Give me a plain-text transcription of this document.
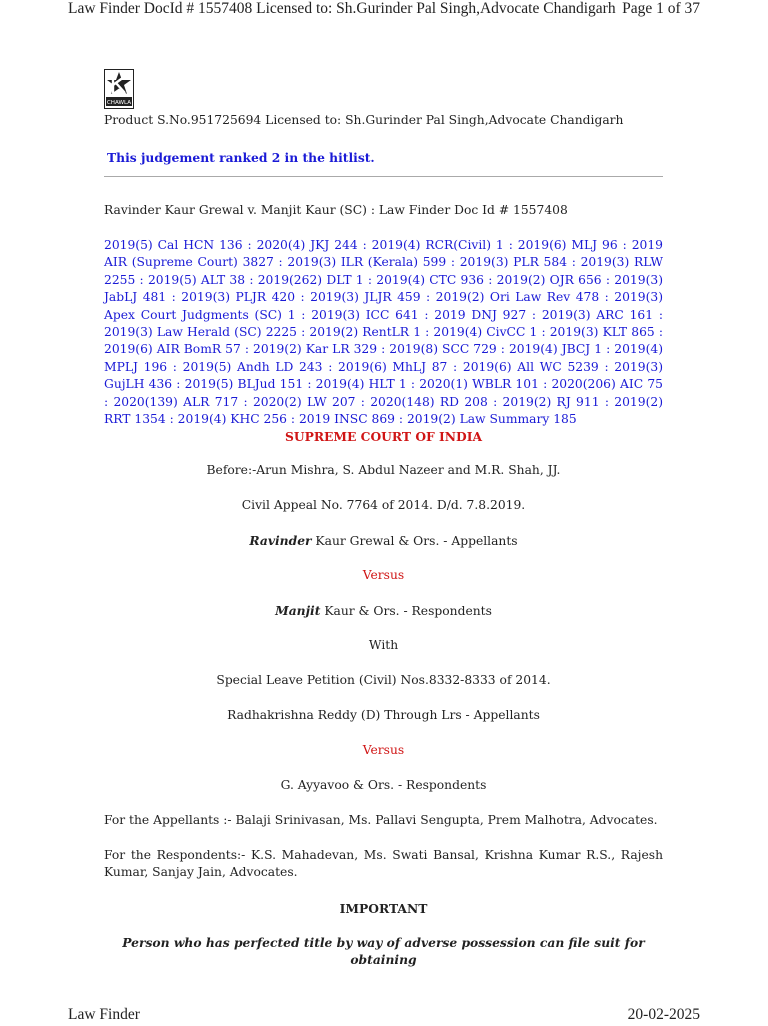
Law Finder DocId # 1557408 Licensed to: Sh.Gurinder Pal Singh,Advocate Chandigarh Page 1 of 37
CHAWLA
Product S.No.951725694 Licensed to: Sh.Gurinder Pal Singh,Advocate Chandigarh
This judgement ranked 2 in the hitlist.
Ravinder Kaur Grewal v. Manjit Kaur (SC) : Law Finder Doc Id # 1557408
2019(5) Cal HCN 136 : 2020(4) JKJ 244 : 2019(4) RCR(Civil) 1 : 2019(6) MLJ 96 : 2019 AIR (Supreme Court) 3827 : 2019(3) ILR (Kerala) 599 : 2019(3) PLR 584 : 2019(3) RLW 2255 : 2019(5) ALT 38 : 2019(262) DLT 1 : 2019(4) CTC 936 : 2019(2) OJR 656 : 2019(3) JabLJ 481 : 2019(3) PLJR 420 : 2019(3) JLJR 459 : 2019(2) Ori Law Rev 478 : 2019(3) Apex Court Judgments (SC) 1 : 2019(3) ICC 641 : 2019 DNJ 927 : 2019(3) ARC 161 : 2019(3) Law Herald (SC) 2225 : 2019(2) RentLR 1 : 2019(4) CivCC 1 : 2019(3) KLT 865 : 2019(6) AIR BomR 57 : 2019(2) Kar LR 329 : 2019(8) SCC 729 : 2019(4) JBCJ 1 : 2019(4) MPLJ 196 : 2019(5) Andh LD 243 : 2019(6) MhLJ 87 : 2019(6) All WC 5239 : 2019(3) GujLH 436 : 2019(5) BLJud 151 : 2019(4) HLT 1 : 2020(1) WBLR 101 : 2020(206) AIC 75 : 2020(139) ALR 717 : 2020(2) LW 207 : 2020(148) RD 208 : 2019(2) RJ 911 : 2019(2) RRT 1354 : 2019(4) KHC 256 : 2019 INSC 869 : 2019(2) Law Summary 185
SUPREME COURT OF INDIA
Before:-Arun Mishra, S. Abdul Nazeer and M.R. Shah, JJ.
Civil Appeal No. 7764 of 2014. D/d. 7.8.2019.
Ravinder Kaur Grewal & Ors. - Appellants
Versus
Manjit Kaur & Ors. - Respondents
With
Special Leave Petition (Civil) Nos.8332-8333 of 2014.
Radhakrishna Reddy (D) Through Lrs - Appellants
Versus
G. Ayyavoo & Ors. - Respondents
For the Appellants :- Balaji Srinivasan, Ms. Pallavi Sengupta, Prem Malhotra, Advocates.
For the Respondents:- K.S. Mahadevan, Ms. Swati Bansal, Krishna Kumar R.S., Rajesh Kumar, Sanjay Jain, Advocates.
IMPORTANT
Person who has perfected title by way of adverse possession can file suit for obtaining
Law Finder	20-02-2025
